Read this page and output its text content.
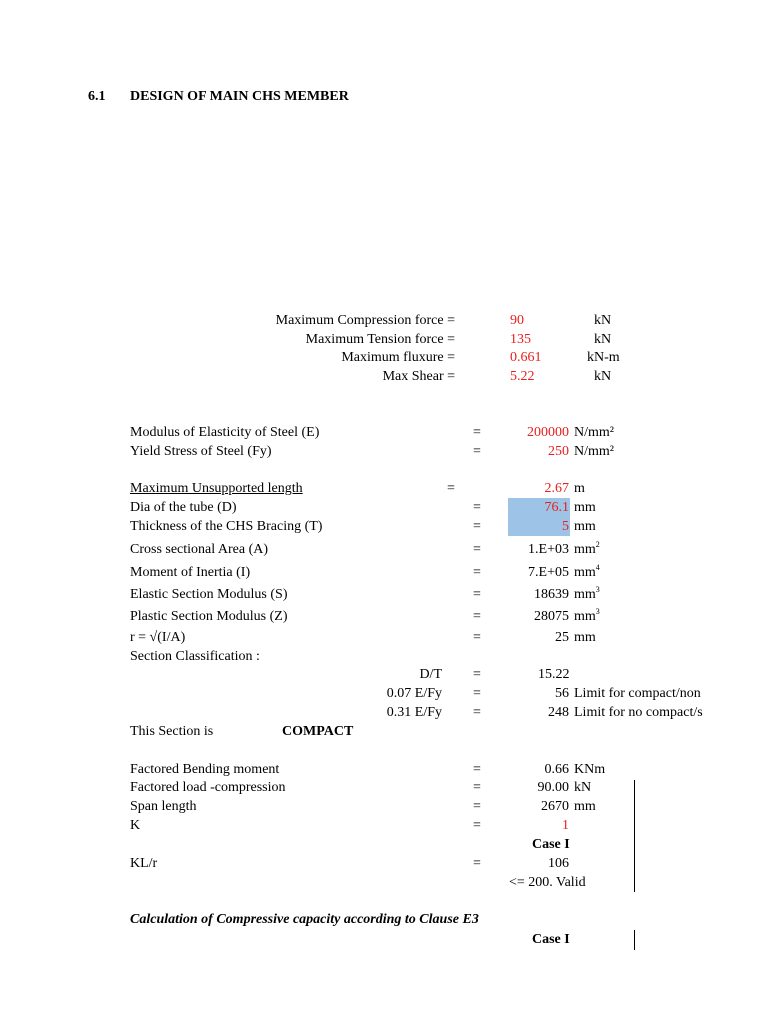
6.1 DESIGN OF MAIN CHS MEMBER
Maximum Compression force =	90	kN
Maximum Tension force =	135	kN
Maximum fluxure =	0.661	kN-m
Max Shear =	5.22	kN
Modulus of Elasticity of Steel (E)	=	200000 N/mm²
Yield Stress of Steel (Fy)	=	250 N/mm²
Maximum Unsupported length	=	2.67 m
Dia of the tube (D)	=	76.1 mm
Thickness of the CHS Bracing (T)	=	5 mm
Cross sectional Area (A)	=	1.E+03 $mm^2$
Moment of Inertia (I)	=	7.E+05 $mm^4$
Elastic Section Modulus (S)	=	18639 $mm^3$
Plastic Section Modulus (Z)	=	28075 $mm^3$
r = √(I/A)	=	25 mm
Section Classification :
D/T =	15.22
0.07 E/Fy =	56 Limit for compact/non
0.31 E/Fy =	248 Limit for no compact/s
This Section is	COMPACT
Factored Bending moment	=	0.66 KNm
Factored load -compression	=	90.00 kN
Span length	=	2670 mm
K	=	1
Case I
KL/r	=	106
<= 200. Valid
Calculation of Compressive capacity according to Clause E3
Case I
